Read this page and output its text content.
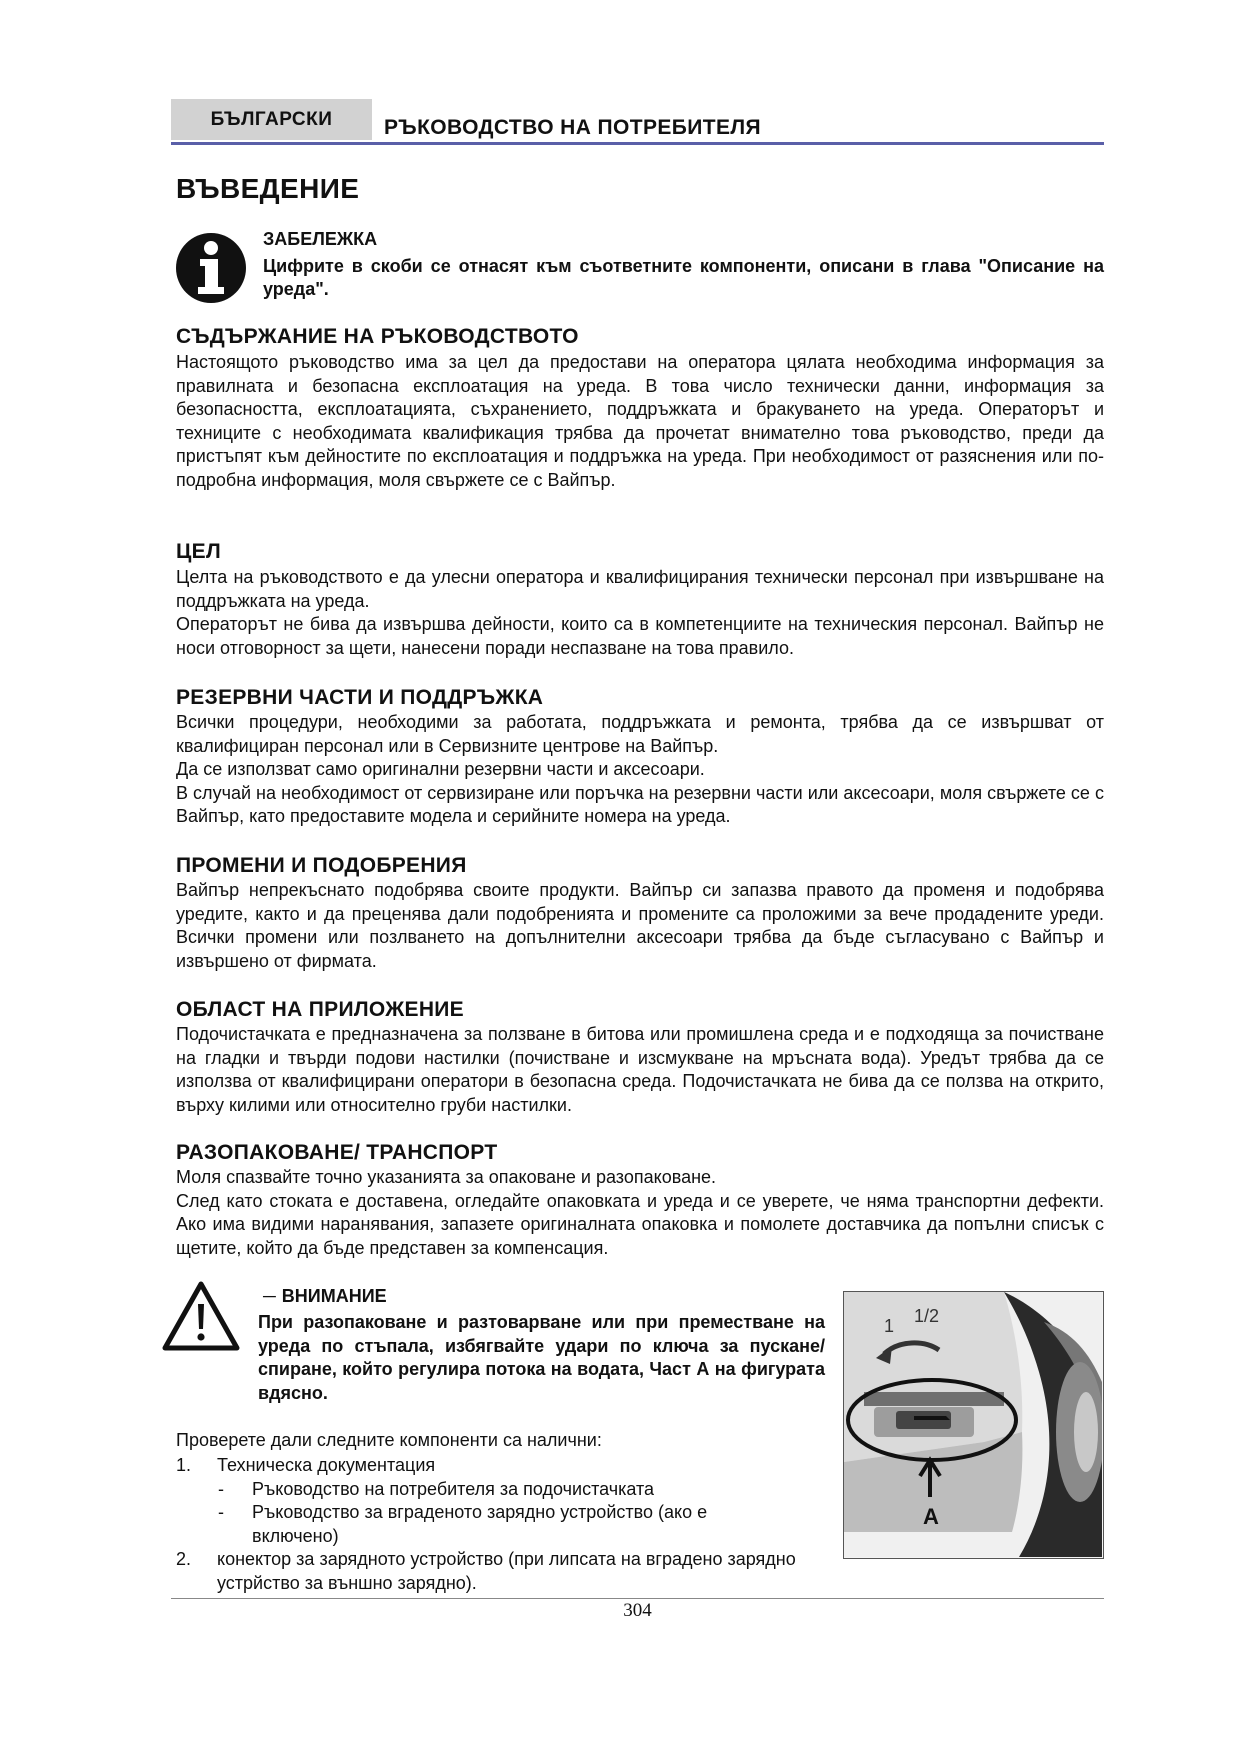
БЪЛГАРСКИ	РЪКОВОДСТВО НА ПОТРЕБИТЕЛЯ
ВЪВЕДЕНИЕ
ЗАБЕЛЕЖКА
Цифрите в скоби се отнасят към съответните компоненти, описани в глава "Описание на уреда".
СЪДЪРЖАНИЕ НА РЪКОВОДСТВОТО

Настоящото ръководство има за цел да предостави на оператора цялата необходима информация за правилната и безопасна експлоатация на уреда. В това число технически данни, информация за безопасността, експлоатацията, съхранението, поддръжката и бракуването на уреда. Операторът и техниците с необходимата квалификация трябва да прочетат внимателно това ръководство, преди да пристъпят към дейностите по експлоатация и поддръжка на уреда. При необходимост от разяснения или по-подробна информация, моля свържете се с Вайпър.

ЦЕЛ

Целта на ръководството е да улесни оператора и квалифицирания технически персонал при извършване на поддръжката на уреда.

Операторът не бива да извършва дейности, които са в компетенциите на техническия персонал. Вайпър не носи отговорност за щети, нанесени поради неспазване на това правило.

РЕЗЕРВНИ ЧАСТИ И ПОДДРЪЖКА

Всички процедури, необходими за работата, поддръжката и ремонта, трябва да се извършват от квалифициран персонал или в Сервизните центрове на Вайпър.

Да се използват само оригинални резервни части и аксесоари.

В случай на необходимост от сервизиране или поръчка на резервни части или аксесоари, моля свържете се с Вайпър, като предоставите модела и серийните номера на уреда.

ПРОМЕНИ И ПОДОБРЕНИЯ

Вайпър непрекъснато подобрява своите продукти. Вайпър си запазва правото да променя и подобрява уредите, както и да преценява дали подобренията и промените са проложими за вече продадените уреди. Всички промени или позлването на допълнителни аксесоари трябва да бъде съгласувано с Вайпър и извършено от фирмата.

ОБЛАСТ НА ПРИЛОЖЕНИЕ

Подочистачката е предназначена за ползване в битова или промишлена среда и е подходяща за почистване на гладки и твърди подови настилки (почистване и изсмукване на мръсната вода). Уредът трябва да се използва от квалифицирани оператори в безопасна среда. Подочистачката не бива да се ползва на открито, върху килими или относително груби настилки.

РАЗОПАКОВАНЕ/ ТРАНСПОРТ

Моля спазвайте точно указанията за опаковане и разопаковане.

След като стоката е доставена, огледайте опаковката и уреда и се уверете, че няма транспортни дефекти. Ако има видими наранявания, запазете оригиналната опаковка и помолете доставчика да попълни списък с щетите, който да бъде представен за компенсация.

─ ВНИМАНИЕ
При разопаковане и разтоварване или при преместване на уреда по стъпала, избягвайте удари по ключа за пускане/спиране, който регулира потока на водата, Част А на фигурата вдясно.
1 1/2
A
Проверете дали следните компоненти са налични:
1. Техническа документация
- Ръководство на потребителя за подочистачката
- Ръководство за вграденото зарядно устройство (ако е включено)
2. конектор за зарядното устройство (при липсата на вградено зарядно устрйство за външно зарядно).
304
